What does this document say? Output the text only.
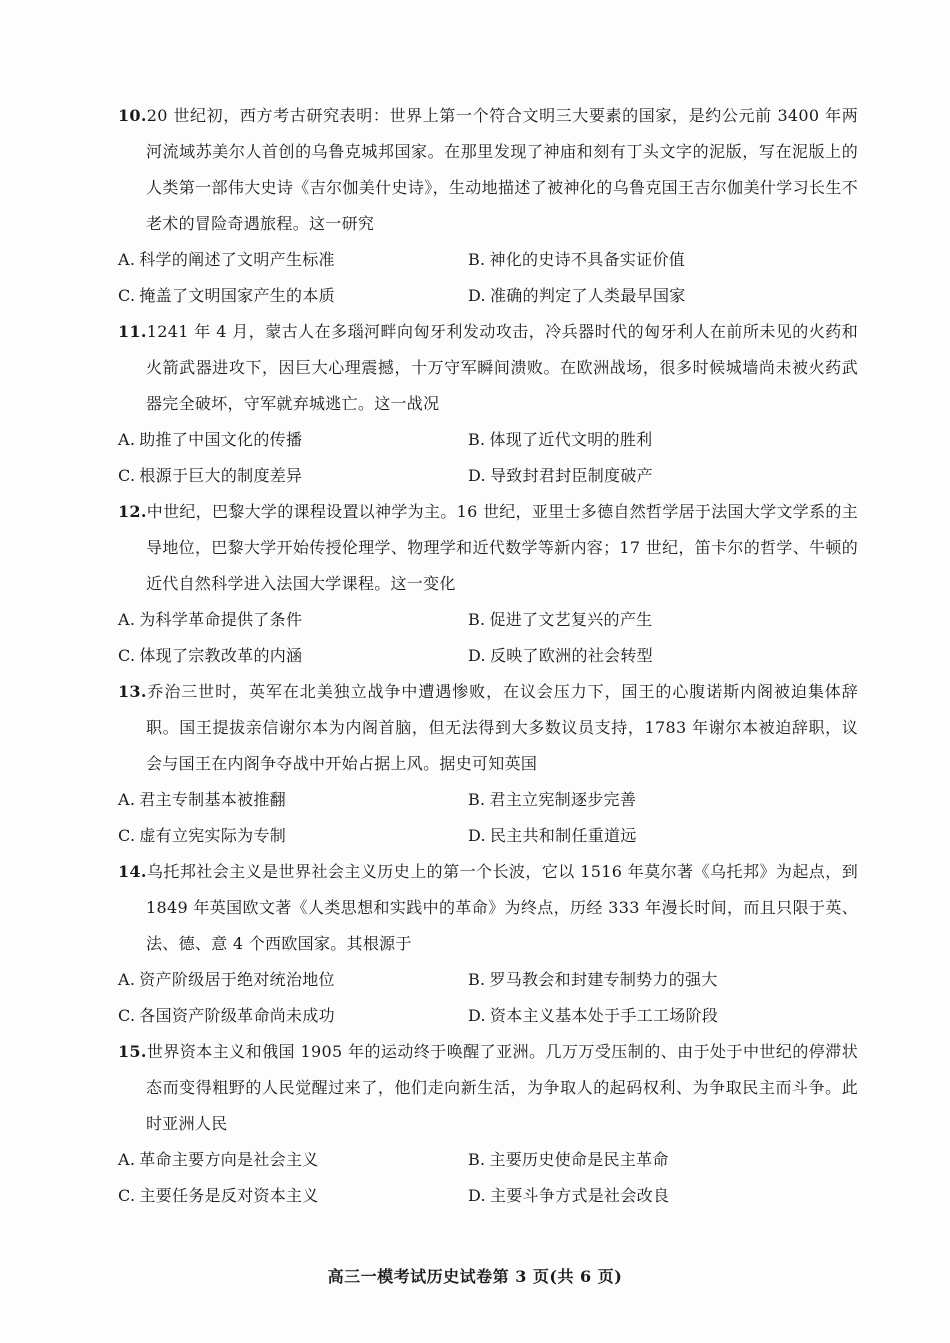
10.20 世纪初，西方考古研究表明：世界上第一个符合文明三大要素的国家，是约公元前 3400 年两河流域苏美尔人首创的乌鲁克城邦国家。在那里发现了神庙和刻有丁头文字的泥版，写在泥版上的人类第一部伟大史诗《吉尔伽美什史诗》，生动地描述了被神化的乌鲁克国王吉尔伽美什学习长生不老术的冒险奇遇旅程。这一研究

A. 科学的阐述了文明产生标准	B. 神化的史诗不具备实证价值
C. 掩盖了文明国家产生的本质	D. 准确的判定了人类最早国家

11.1241 年 4 月，蒙古人在多瑙河畔向匈牙利发动攻击，冷兵器时代的匈牙利人在前所未见的火药和火箭武器进攻下，因巨大心理震撼，十万守军瞬间溃败。在欧洲战场，很多时候城墙尚未被火药武器完全破坏，守军就弃城逃亡。这一战况

A. 助推了中国文化的传播	B. 体现了近代文明的胜利
C. 根源于巨大的制度差异	D. 导致封君封臣制度破产

12.中世纪，巴黎大学的课程设置以神学为主。16 世纪，亚里士多德自然哲学居于法国大学文学系的主导地位，巴黎大学开始传授伦理学、物理学和近代数学等新内容；17 世纪，笛卡尔的哲学、牛顿的近代自然科学进入法国大学课程。这一变化

A. 为科学革命提供了条件	B. 促进了文艺复兴的产生
C. 体现了宗教改革的内涵	D. 反映了欧洲的社会转型

13.乔治三世时，英军在北美独立战争中遭遇惨败，在议会压力下，国王的心腹诺斯内阁被迫集体辞职。国王提拔亲信谢尔本为内阁首脑，但无法得到大多数议员支持，1783 年谢尔本被迫辞职，议会与国王在内阁争夺战中开始占据上风。据史可知英国

A. 君主专制基本被推翻	B. 君主立宪制逐步完善
C. 虚有立宪实际为专制	D. 民主共和制任重道远

14.乌托邦社会主义是世界社会主义历史上的第一个长波，它以 1516 年莫尔著《乌托邦》为起点，到 1849 年英国欧文著《人类思想和实践中的革命》为终点，历经 333 年漫长时间，而且只限于英、法、德、意 4 个西欧国家。其根源于

A. 资产阶级居于绝对统治地位	B. 罗马教会和封建专制势力的强大
C. 各国资产阶级革命尚未成功	D. 资本主义基本处于手工工场阶段

15.世界资本主义和俄国 1905 年的运动终于唤醒了亚洲。几万万受压制的、由于处于中世纪的停滞状态而变得粗野的人民觉醒过来了，他们走向新生活，为争取人的起码权利、为争取民主而斗争。此时亚洲人民

A. 革命主要方向是社会主义	B. 主要历史使命是民主革命
C. 主要任务是反对资本主义	D. 主要斗争方式是社会改良
高三一模考试历史试卷第 3 页(共 6 页)
